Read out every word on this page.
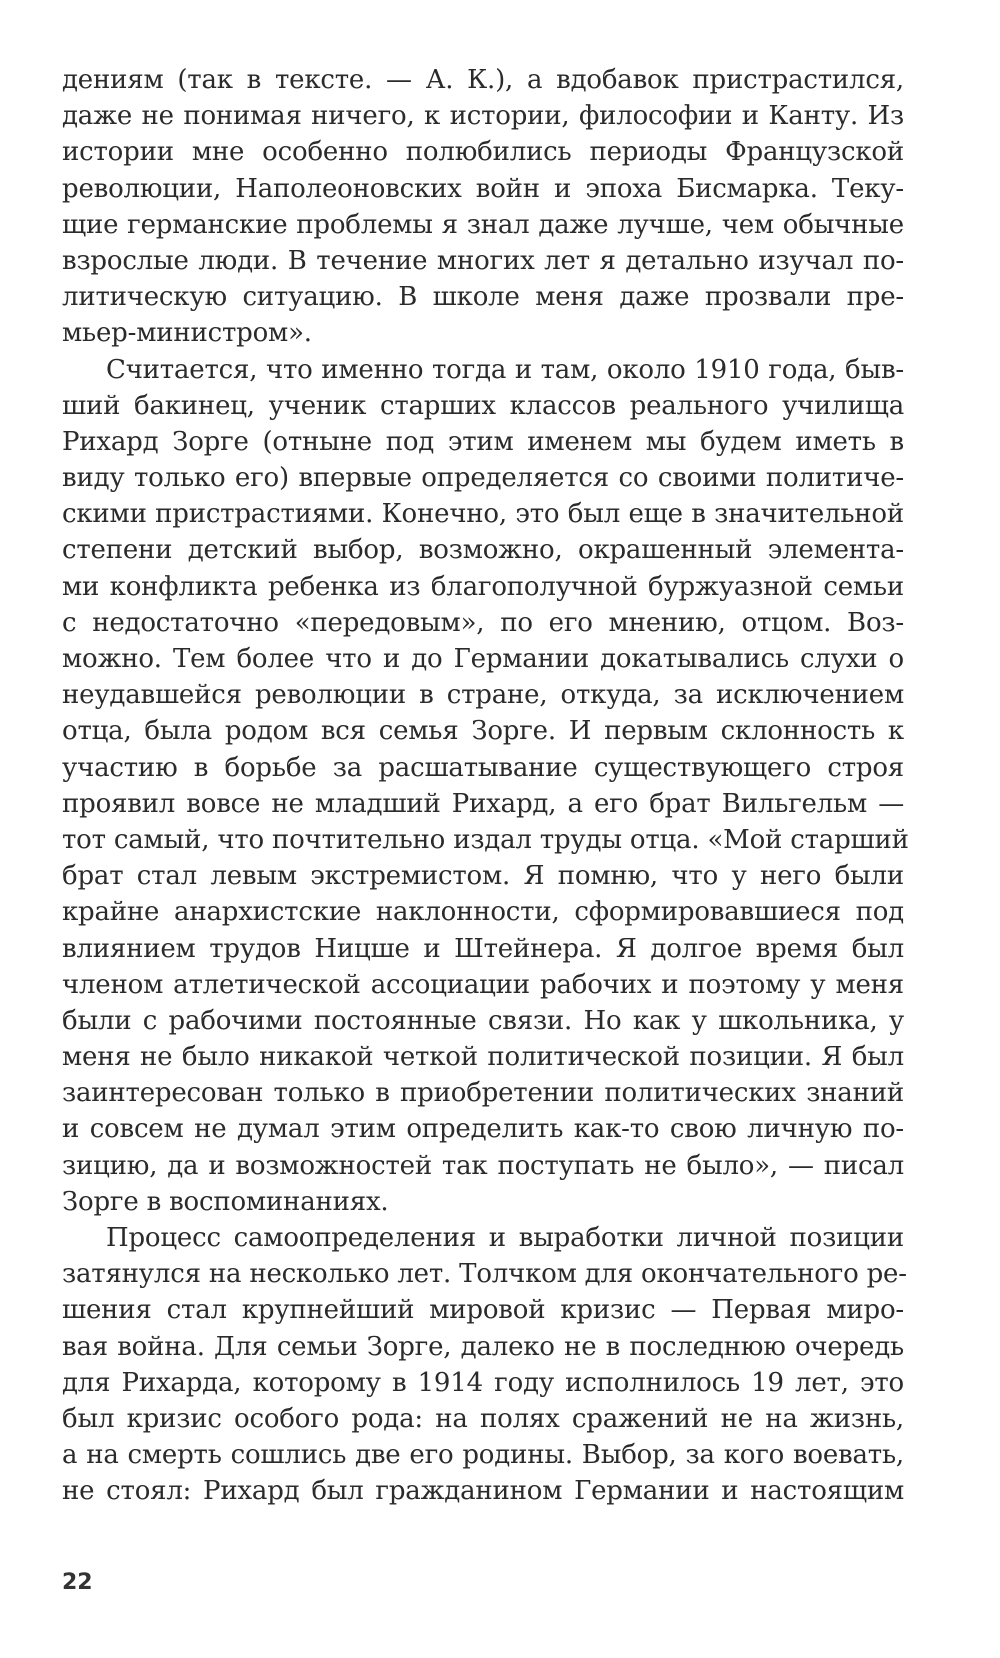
дениям (так в тексте. — А. К.), а вдобавок пристрастился,
даже не понимая ничего, к истории, философии и Канту. Из
истории мне особенно полюбились периоды Французской
революции, Наполеоновских войн и эпоха Бисмарка. Теку-
щие германские проблемы я знал даже лучше, чем обычные
взрослые люди. В течение многих лет я детально изучал по-
литическую ситуацию. В школе меня даже прозвали пре-
мьер-министром».
Считается, что именно тогда и там, около 1910 года, быв-
ший бакинец, ученик старших классов реального училища
Рихард Зорге (отныне под этим именем мы будем иметь в
виду только его) впервые определяется со своими политиче-
скими пристрастиями. Конечно, это был еще в значительной
степени детский выбор, возможно, окрашенный элемента-
ми конфликта ребенка из благополучной буржуазной семьи
с недостаточно «передовым», по его мнению, отцом. Воз-
можно. Тем более что и до Германии докатывались слухи о
неудавшейся революции в стране, откуда, за исключением
отца, была родом вся семья Зорге. И первым склонность к
участию в борьбе за расшатывание существующего строя
проявил вовсе не младший Рихард, а его брат Вильгельм —
тот самый, что почтительно издал труды отца. «Мой старший
брат стал левым экстремистом. Я помню, что у него были
крайне анархистские наклонности, сформировавшиеся под
влиянием трудов Ницше и Штейнера. Я долгое время был
членом атлетической ассоциации рабочих и поэтому у меня
были с рабочими постоянные связи. Но как у школьника, у
меня не было никакой четкой политической позиции. Я был
заинтересован только в приобретении политических знаний
и совсем не думал этим определить как-то свою личную по-
зицию, да и возможностей так поступать не было», — писал
Зорге в воспоминаниях.
Процесс самоопределения и выработки личной позиции
затянулся на несколько лет. Толчком для окончательного ре-
шения стал крупнейший мировой кризис — Первая миро-
вая война. Для семьи Зорге, далеко не в последнюю очередь
для Рихарда, которому в 1914 году исполнилось 19 лет, это
был кризис особого рода: на полях сражений не на жизнь,
а на смерть сошлись две его родины. Выбор, за кого воевать,
не стоял: Рихард был гражданином Германии и настоящим
22
